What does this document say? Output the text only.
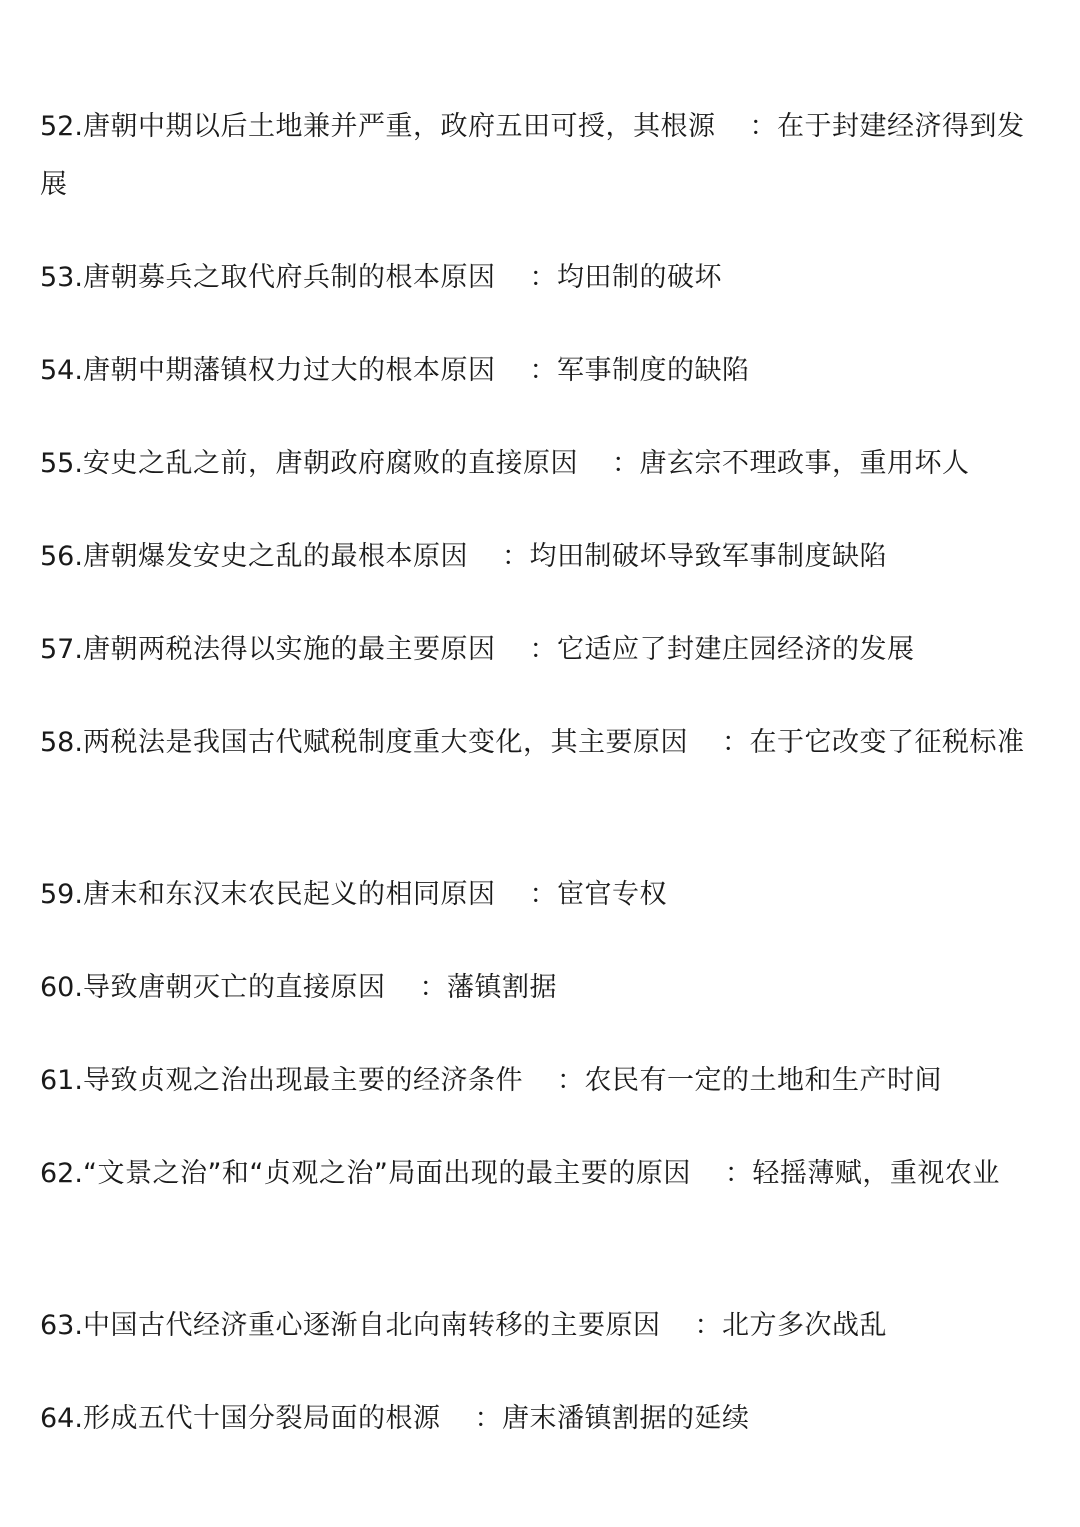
52.唐朝中期以后土地兼并严重，政府五田可授，其根源 ：在于封建经济得到发展
53.唐朝募兵之取代府兵制的根本原因 ：均田制的破坏
54.唐朝中期藩镇权力过大的根本原因 ：军事制度的缺陷
55.安史之乱之前，唐朝政府腐败的直接原因 ：唐玄宗不理政事，重用坏人
56.唐朝爆发安史之乱的最根本原因 ：均田制破坏导致军事制度缺陷
57.唐朝两税法得以实施的最主要原因 ：它适应了封建庄园经济的发展
58.两税法是我国古代赋税制度重大变化，其主要原因 ：在于它改变了征税标准
59.唐末和东汉末农民起义的相同原因 ：宦官专权
60.导致唐朝灭亡的直接原因 ：藩镇割据
61.导致贞观之治出现最主要的经济条件 ：农民有一定的土地和生产时间
62.“文景之治”和“贞观之治”局面出现的最主要的原因 ：轻摇薄赋，重视农业
63.中国古代经济重心逐渐自北向南转移的主要原因 ：北方多次战乱
64.形成五代十国分裂局面的根源 ：唐末潘镇割据的延续
